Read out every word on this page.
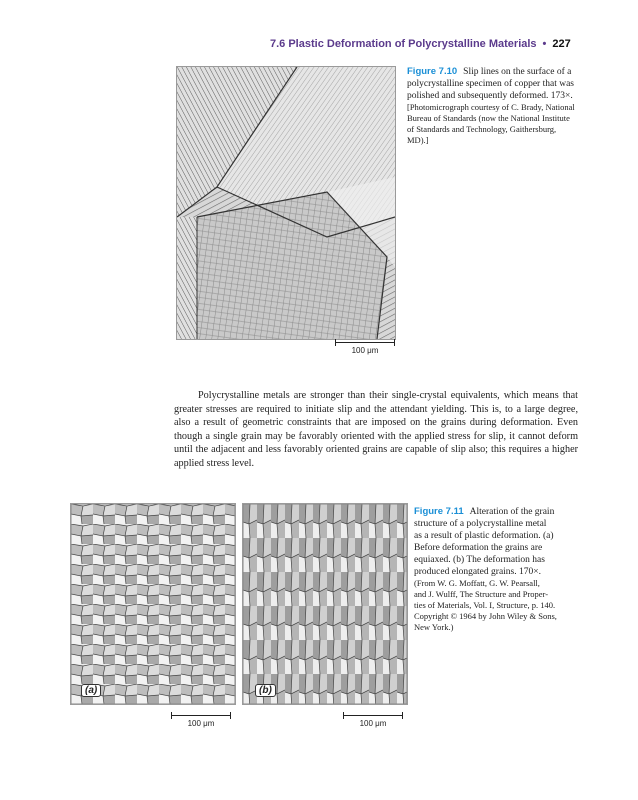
7.6 Plastic Deformation of Polycrystalline Materials • 227
100 μm
Figure 7.10 Slip lines on the surface of a polycrystalline specimen of copper that was polished and subsequently deformed. 173×.
[Photomicrograph courtesy of C. Brady, National Bureau of Standards (now the National Institute of Standards and Technology, Gaithersburg, MD).]

Polycrystalline metals are stronger than their single-crystal equivalents, which means that greater stresses are required to initiate slip and the attendant yielding. This is, to a large degree, also a result of geometric constraints that are imposed on the grains during deformation. Even though a single grain may be favorably oriented with the applied stress for slip, it cannot deform until the adjacent and less favorably oriented grains are capable of slip also; this requires a higher applied stress level.

(a)	(b)
100 μm	100 μm
Figure 7.11 Alteration of the grain
structure of a polycrystalline metal
as a result of plastic deformation. (a)
Before deformation the grains are
equiaxed. (b) The deformation has
produced elongated grains. 170×.
(From W. G. Moffatt, G. W. Pearsall,
and J. Wulff, The Structure and Proper-
ties of Materials, Vol. I, Structure, p. 140.
Copyright © 1964 by John Wiley & Sons,
New York.)
